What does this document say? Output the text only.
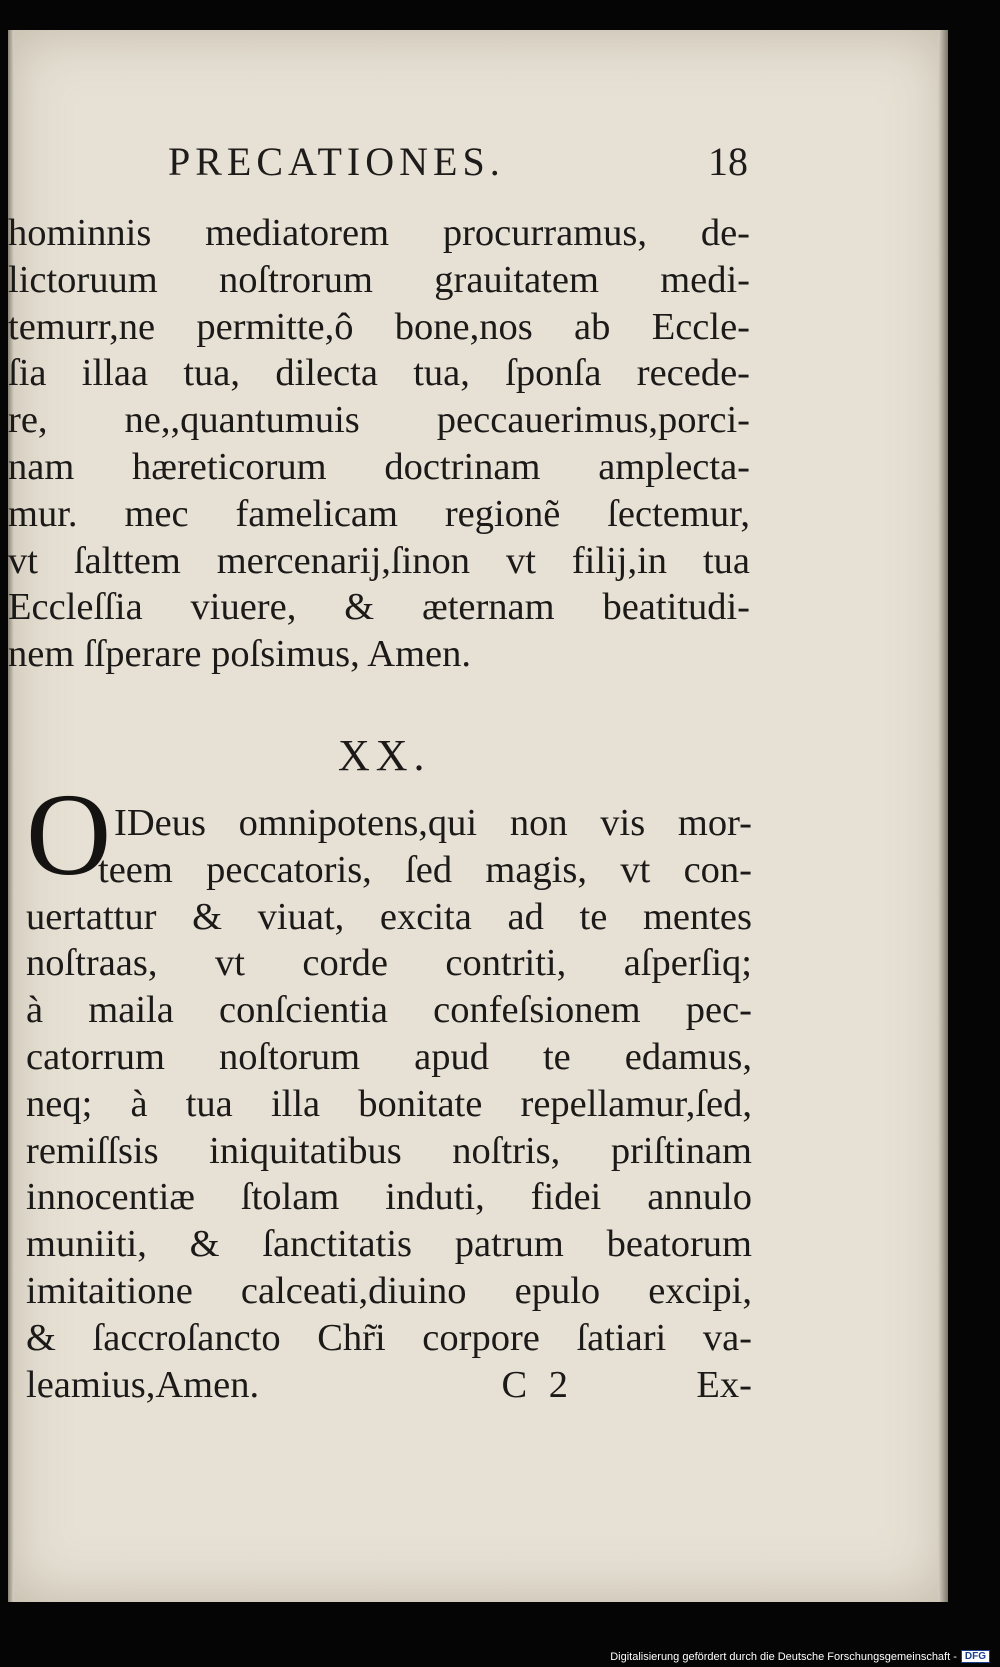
PRECATIONES.	18
hominnis mediatorem procurramus, de-
lictoruum noſtrorum grauitatem medi-
temurr,ne permitte,ô bone,nos ab Eccle-
ſia illaa tua, dilecta tua, ſponſa recede-
re, ne,,quantumuis peccauerimus,porci-
nam hæreticorum doctrinam amplecta-
mur. mec famelicam regionẽ ſectemur,
vt ſalttem mercenarij,ſinon vt filij,in tua
Eccleſſia viuere, & æternam beatitudi-
nem ſſperare poſsimus, Amen.
XX.
O IDeus omnipotens,qui non vis mor-
teem peccatoris, ſed magis, vt con-
uertattur & viuat, excita ad te mentes
noſtraas, vt corde contriti, aſperſiq;
à maila conſcientia confeſsionem pec-
catorrum noſtorum apud te edamus,
neq; à tua illa bonitate repellamur,ſed,
remiſſsis iniquitatibus noſtris, priſtinam
innocentiæ ſtolam induti, fidei annulo
muniiti, & ſanctitatis patrum beatorum
imitaitione calceati,diuino epulo excipi,
& ſaccroſancto Chr̃i corpore ſatiari va-
leamius,Amen.	C 2	Ex-
Digitalisierung gefördert durch die Deutsche Forschungsgemeinschaft - DFG
